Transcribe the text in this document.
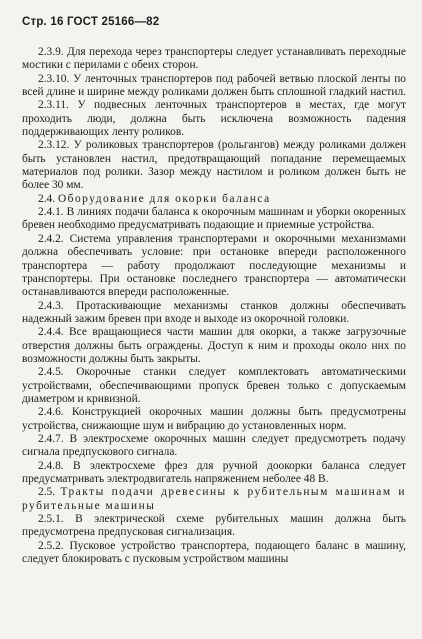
Стр. 16 ГОСТ 25166—82

2.3.9. Для перехода через транспортеры следует устанавливать переходные мостики с перилами с обеих сторон.

2.3.10. У ленточных транспортеров под рабочей ветвью плоской ленты по всей длине и ширине между роликами должен быть сплошной гладкий настил.

2.3.11. У подвесных ленточных транспортеров в местах, где могут проходить люди, должна быть исключена возможность падения поддерживающих ленту роликов.

2.3.12. У роликовых транспортеров (рольгангов) между роликами должен быть установлен настил, предотвращающий попадание перемещаемых материалов под ролики. Зазор между настилом и роликом должен быть не более 30 мм.

2.4. Оборудование для окорки баланса

2.4.1. В линиях подачи баланса к окорочным машинам и уборки окоренных бревен необходимо предусматривать подающие и приемные устройства.

2.4.2. Система управления транспортерами и окорочными механизмами должна обеспечивать условие: при остановке впереди расположенного транспортера — работу продолжают последующие механизмы и транспортеры. При остановке последнего транспортера — автоматически останавливаются впереди расположенные.

2.4.3. Протаскивающие механизмы станков должны обеспечивать надежный зажим бревен при входе и выходе из окорочной головки.

2.4.4. Все вращающиеся части машин для окорки, а также загрузочные отверстия должны быть ограждены. Доступ к ним и проходы около них по возможности должны быть закрыты.

2.4.5. Окорочные станки следует комплектовать автоматическими устройствами, обеспечивающими пропуск бревен только с допускаемым диаметром и кривизной.

2.4.6. Конструкцией окорочных машин должны быть предусмотрены устройства, снижающие шум и вибрацию до установленных норм.

2.4.7. В электросхеме окорочных машин следует предусмотреть подачу сигнала предпускового сигнала.

2.4.8. В электросхеме фрез для ручной доокорки баланса следует предусматривать электродвигатель напряжением неболее 48 В.

2.5. Тракты подачи древесины к рубительным машинам и рубительные машины

2.5.1. В электрической схеме рубительных машин должна быть предусмотрена предпусковая сигнализация.

2.5.2. Пусковое устройство транспортера, подающего баланс в машину, следует блокировать с пусковым устройством машины
